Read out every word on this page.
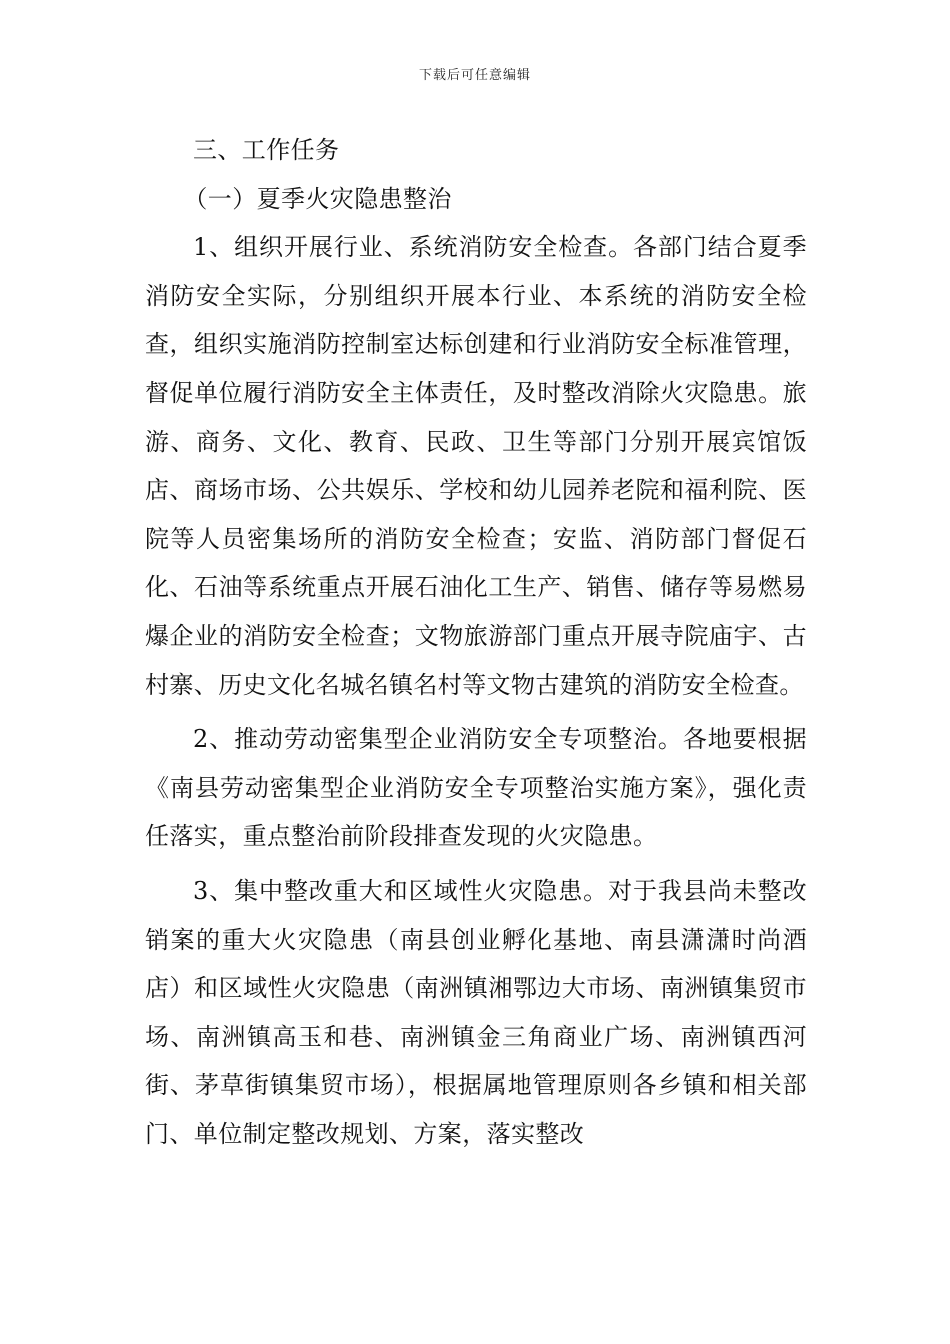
下载后可任意编辑

三、工作任务

（一）夏季火灾隐患整治

1、组织开展行业、系统消防安全检查。各部门结合夏季消防安全实际，分别组织开展本行业、本系统的消防安全检查，组织实施消防控制室达标创建和行业消防安全标准管理，督促单位履行消防安全主体责任，及时整改消除火灾隐患。旅游、商务、文化、教育、民政、卫生等部门分别开展宾馆饭店、商场市场、公共娱乐、学校和幼儿园养老院和福利院、医院等人员密集场所的消防安全检查；安监、消防部门督促石化、石油等系统重点开展石油化工生产、销售、储存等易燃易爆企业的消防安全检查；文物旅游部门重点开展寺院庙宇、古村寨、历史文化名城名镇名村等文物古建筑的消防安全检查。

2、推动劳动密集型企业消防安全专项整治。各地要根据《南县劳动密集型企业消防安全专项整治实施方案》，强化责任落实，重点整治前阶段排查发现的火灾隐患。

3、集中整改重大和区域性火灾隐患。对于我县尚未整改销案的重大火灾隐患（南县创业孵化基地、南县潇潇时尚酒店）和区域性火灾隐患（南洲镇湘鄂边大市场、南洲镇集贸市场、南洲镇高玉和巷、南洲镇金三角商业广场、南洲镇西河街、茅草街镇集贸市场），根据属地管理原则各乡镇和相关部门、单位制定整改规划、方案，落实整改
